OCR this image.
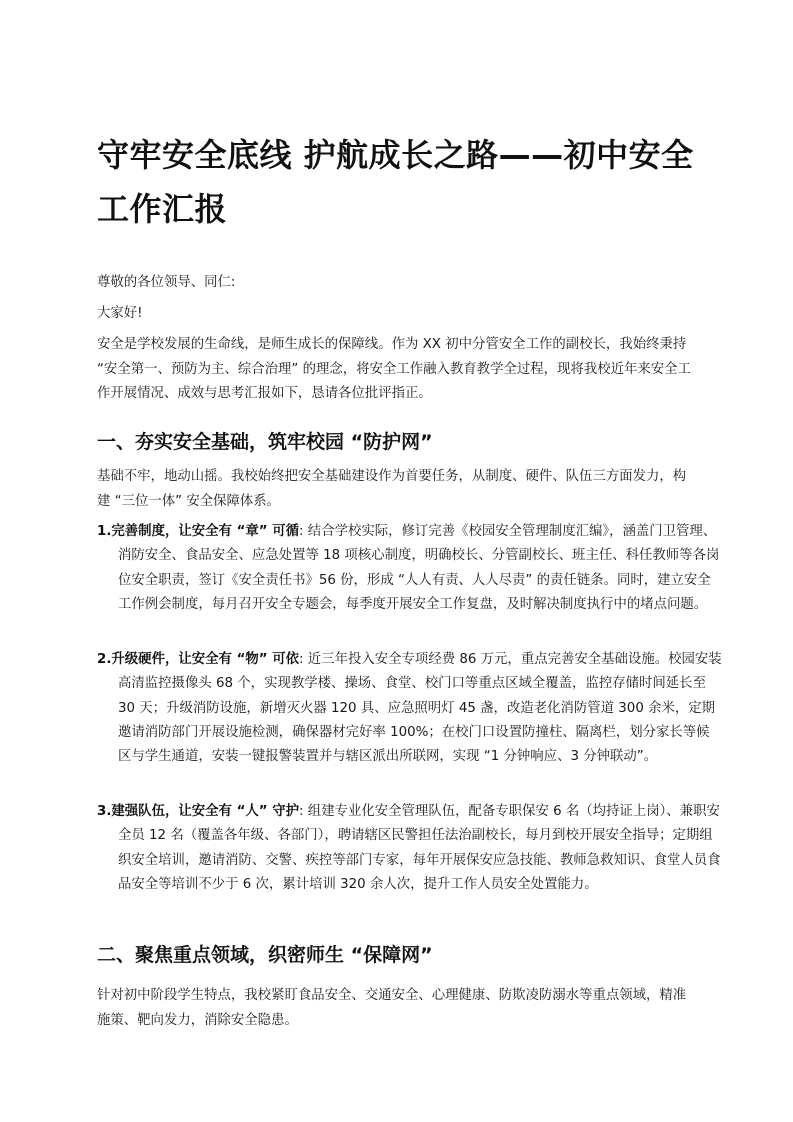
守牢安全底线 护航成长之路——初中安全工作汇报

尊敬的各位领导、同仁:

大家好!

安全是学校发展的生命线，是师生成长的保障线。作为 XX 初中分管安全工作的副校长，我始终秉持 “安全第一、预防为主、综合治理” 的理念，将安全工作融入教育教学全过程，现将我校近年来安全工作开展情况、成效与思考汇报如下，恳请各位批评指正。

一、夯实安全基础，筑牢校园 “防护网”

基础不牢，地动山摇。我校始终把安全基础建设作为首要任务，从制度、硬件、队伍三方面发力，构建 “三位一体” 安全保障体系。

1.完善制度，让安全有 “章” 可循: 结合学校实际，修订完善《校园安全管理制度汇编》，涵盖门卫管理、消防安全、食品安全、应急处置等 18 项核心制度，明确校长、分管副校长、班主任、科任教师等各岗位安全职责，签订《安全责任书》56 份，形成 “人人有责、人人尽责” 的责任链条。同时，建立安全工作例会制度，每月召开安全专题会，每季度开展安全工作复盘，及时解决制度执行中的堵点问题。

2.升级硬件，让安全有 “物” 可依: 近三年投入安全专项经费 86 万元，重点完善安全基础设施。校园安装高清监控摄像头 68 个，实现教学楼、操场、食堂、校门口等重点区域全覆盖，监控存储时间延长至 30 天；升级消防设施，新增灭火器 120 具、应急照明灯 45 盏，改造老化消防管道 300 余米，定期邀请消防部门开展设施检测，确保器材完好率 100%；在校门口设置防撞柱、隔离栏，划分家长等候区与学生通道，安装一键报警装置并与辖区派出所联网，实现 “1 分钟响应、3 分钟联动”。

3.建强队伍，让安全有 “人” 守护: 组建专业化安全管理队伍，配备专职保安 6 名（均持证上岗）、兼职安全员 12 名（覆盖各年级、各部门），聘请辖区民警担任法治副校长，每月到校开展安全指导；定期组织安全培训，邀请消防、交警、疾控等部门专家，每年开展保安应急技能、教师急救知识、食堂人员食品安全等培训不少于 6 次，累计培训 320 余人次，提升工作人员安全处置能力。

二、聚焦重点领域，织密师生 “保障网”

针对初中阶段学生特点，我校紧盯食品安全、交通安全、心理健康、防欺凌防溺水等重点领域，精准施策、靶向发力，消除安全隐患。
